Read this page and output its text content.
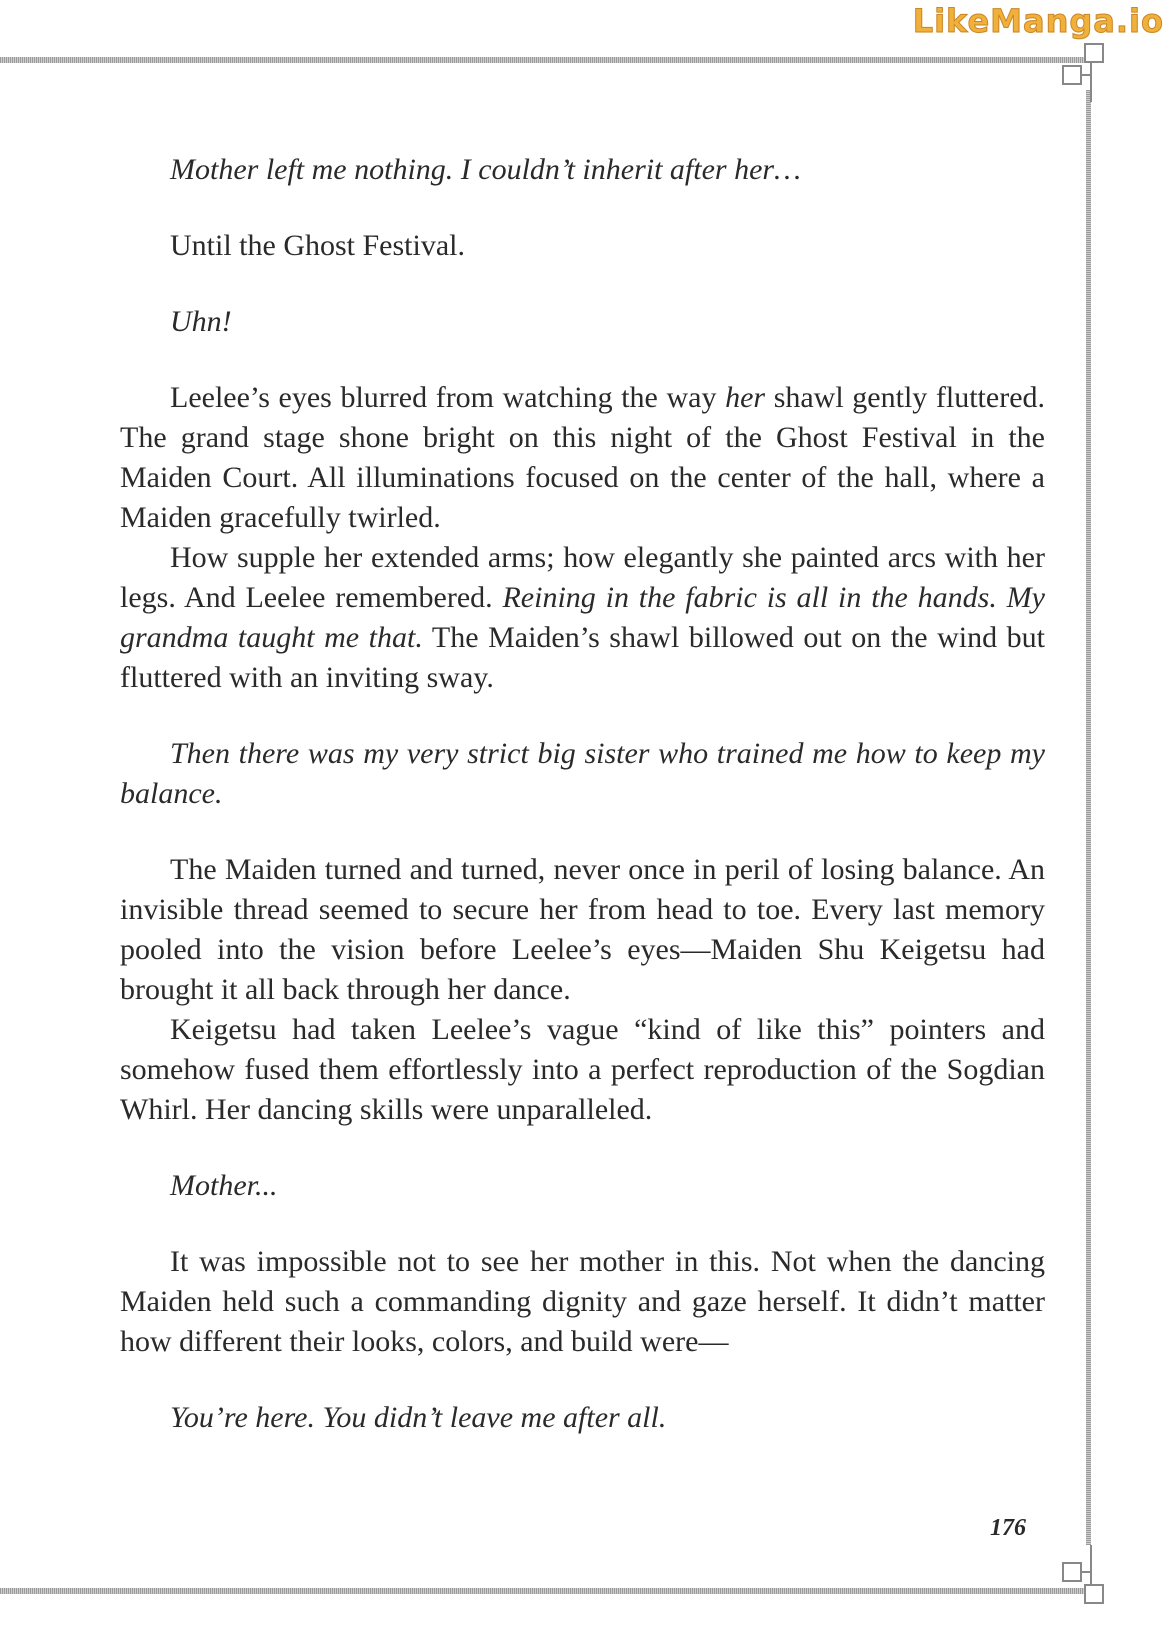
LikeManga.io

Mother left me nothing. I couldn’t inherit after her…

Until the Ghost Festival.

Uhn!

Leelee’s eyes blurred from watching the way her shawl gently fluttered. The grand stage shone bright on this night of the Ghost Festival in the Maiden Court. All illuminations focused on the center of the hall, where a Maiden gracefully twirled.

How supple her extended arms; how elegantly she painted arcs with her legs. And Leelee remembered. Reining in the fabric is all in the hands. My grandma taught me that. The Maiden’s shawl billowed out on the wind but fluttered with an inviting sway.

Then there was my very strict big sister who trained me how to keep my balance.

The Maiden turned and turned, never once in peril of losing balance. An invisible thread seemed to secure her from head to toe. Every last memory pooled into the vision before Leelee’s eyes—Maiden Shu Keigetsu had brought it all back through her dance.

Keigetsu had taken Leelee’s vague “kind of like this” pointers and somehow fused them effortlessly into a perfect reproduction of the Sogdian Whirl. Her dancing skills were unparalleled.

Mother...

It was impossible not to see her mother in this. Not when the dancing Maiden held such a commanding dignity and gaze herself. It didn’t matter how different their looks, colors, and build were—

You’re here. You didn’t leave me after all.

176
